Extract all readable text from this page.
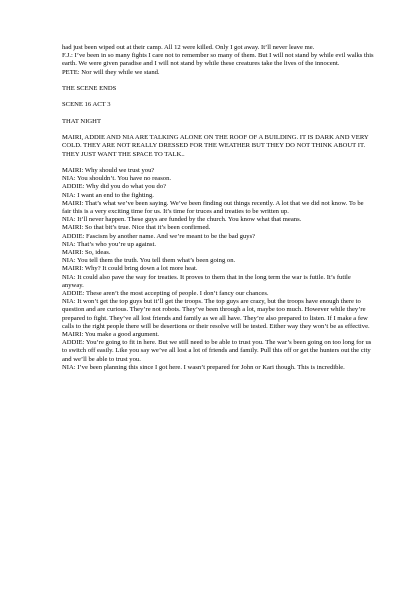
had just been wiped out at their camp. All 12 were killed. Only I got away. It’ll never leave me.

F.J.: I’ve been in so many fights I care not to remember so many of them. But I will not stand by while evil walks this earth. We were given paradise and I will not stand by while these creatures take the lives of the innocent.

PETE: Nor will they while we stand.

THE SCENE ENDS

SCENE 16 ACT 3

THAT NIGHT

MAIRI, ADDIE AND NIA ARE TALKING ALONE ON THE ROOF OF A BUILDING. IT IS DARK AND VERY COLD. THEY ARE NOT REALLY DRESSED FOR THE WEATHER BUT THEY DO NOT THINK ABOUT IT. THEY JUST WANT THE SPACE TO TALK..

MAIRI: Why should we trust you?

NIA: You shouldn’t. You have no reason.

ADDIE: Why did you do what you do?

NIA: I want an end to the fighting.

MAIRI: That’s what we’ve been saying. We’ve been finding out things recently. A lot that we did not know. To be fair this is a very exciting time for us. It’s time for truces and treaties to be written up.

NIA: It’ll never happen. These guys are funded by the church. You know what that means.

MAIRI: So that bit’s true. Nice that it’s been confirmed.

ADDIE: Fascism by another name. And we’re meant to be the bad guys?

NIA: That’s who you’re up against.

MAIRI: So, ideas.

NIA: You tell them the truth. You tell them what’s been going on.

MAIRI: Why? It could bring down a lot more heat.

NIA: It could also pave the way for treaties. It proves to them that in the long term the war is futile. It’s futile anyway.

ADDIE: These aren’t the most accepting of people. I don’t fancy our chances.

NIA: It won’t get the top guys but it’ll get the troops. The top guys are crazy, but the troops have enough there to question and are curious. They’re not robots. They’ve been through a lot, maybe too much. However while they’re prepared to fight. They’ve all lost friends and family as we all have. They’re also prepared to listen. If I make a few calls to the right people there will be desertions or their resolve will be tested. Either way they won’t be as effective.

MAIRI: You make a good argument.

ADDIE: You’re going to fit in here. But we still need to be able to trust you. The war’s been going on too long for us to switch off easily. Like you say we’ve all lost a lot of friends and family. Pull this off or get the hunters out the city and we’ll be able to trust you.

NIA: I’ve been planning this since I got here. I wasn’t prepared for John or Kari though. This is incredible.
